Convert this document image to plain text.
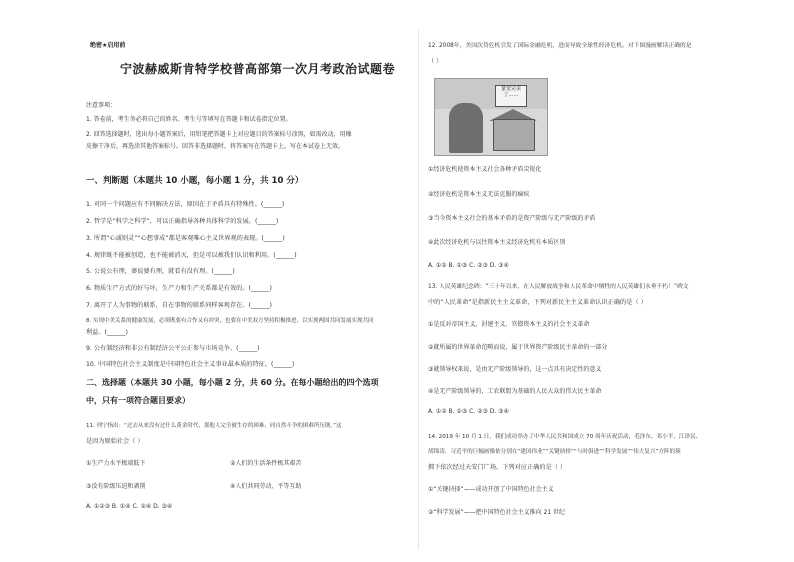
绝密★启用前
宁波赫威斯肯特学校普高部第一次月考政治试题卷
注意事项：
1. 答卷前，考生务必将自己的姓名、考生号等填写在答题卡和试卷指定位置。
2. 回答选择题时，选出每小题答案后，用铅笔把答题卡上对应题目的答案标号涂黑，如需改动，用橡
皮擦干净后，再选涂其他答案标号。回答非选择题时，将答案写在答题卡上，写在本试卷上无效。
一、判断题（本题共 10 小题，每小题 1 分，共 10 分）
1. 对同一个问题应有不同解决方法，原因在于矛盾具有特殊性。(______)
2. 哲学是“科学之科学”，可以正确指导各种具体科学的发展。(______)
3. 所谓“心诚则灵”“心想事成”都是客观唯心主义世界观的表现。(______)
4. 规律既不能被创造，也不能被消灭，但是可以被我们认识和利用。(______)
5. 公说公有理，婆说婆有理，就看有没有理。(______)
6. 物质生产方式的好与坏，生产力和生产关系都是有效的。(______)
7. 离开了人为事物的联系，自在事物的联系同样客观存在。(______)
8. 实现中美关系的健康发展，必须既要有合作又有冲突，也要在中美双方坚持积极推进，以实现两国共同发展实现共同
利益。(______)
9. 公有制经济和非公有制经济公平公正参与市场竞争。(______)
10. 中国特色社会主义制度是中国特色社会主义事业最本质的特征。(______)
二、选择题（本题共 30 小题，每小题 2 分，共 60 分。在每小题给出的四个选项
中，只有一项符合题目要求）
11. 列宁指出：“过去从来没有过什么黄金时代，那他人完全被生存的困难、同自然斗争的困难所压倒。”这
是因为原始社会（ ）
①生产力水平极端低下	②人们的生活条件极其艰苦
③没有阶级压迫和剥削	④人们共同劳动、平等互助
A. ①②③ B. ①④ C. ②④ D. ③④
12. 2008年，美国次贷危机引发了国际金融危机，进而导致全球性经济危机。对下图漫画解读正确的是
（ ）
量宽完美了……
①经济危机使资本主义社会各种矛盾尖锐化
②经济危机是资本主义无法克服的痼疾
③当今资本主义社会的基本矛盾的是资产阶级与无产阶级的矛盾
④此次经济危机与以往资本主义经济危机有本质区别
A. ①② B. ①③ C. ②③ D. ③④
13. 人民英雄纪念碑：“三十年以来，在人民解放战争和人民革命中牺牲的人民英雄们永垂不朽！”碑文
中的“人民革命”是指新民主主义革命，下列对新民主主义革命认识正确的是（ ）
①是反对帝国主义、封建主义、官僚资本主义的社会主义革命
②就所属的世界革命范畴而说，属于世界资产阶级民主革命的一部分
③就领导权来说，是由无产阶级领导的，这一点具有决定性的意义
④是无产阶级领导的，工农联盟为基础的人民大众的伟大民主革命
A. ①② B. ①③ C. ②③ D. ③④
14. 2019 年 10 月 1 日，我们成功举办了中华人民共和国成立 70 周年庆祝活动，毛泽东、邓小平、江泽民、
胡锦涛、习近平的巨幅画像依分别在“建国伟业”“关键抉择”“与时俱进”“科学发展”“伟大复兴”方阵的簇
拥下依次经过天安门广场。下列对应正确的是（ ）
①“关键抉择”——成功开创了中国特色社会主义
②“科学发展”——把中国特色社会主义推向 21 世纪
